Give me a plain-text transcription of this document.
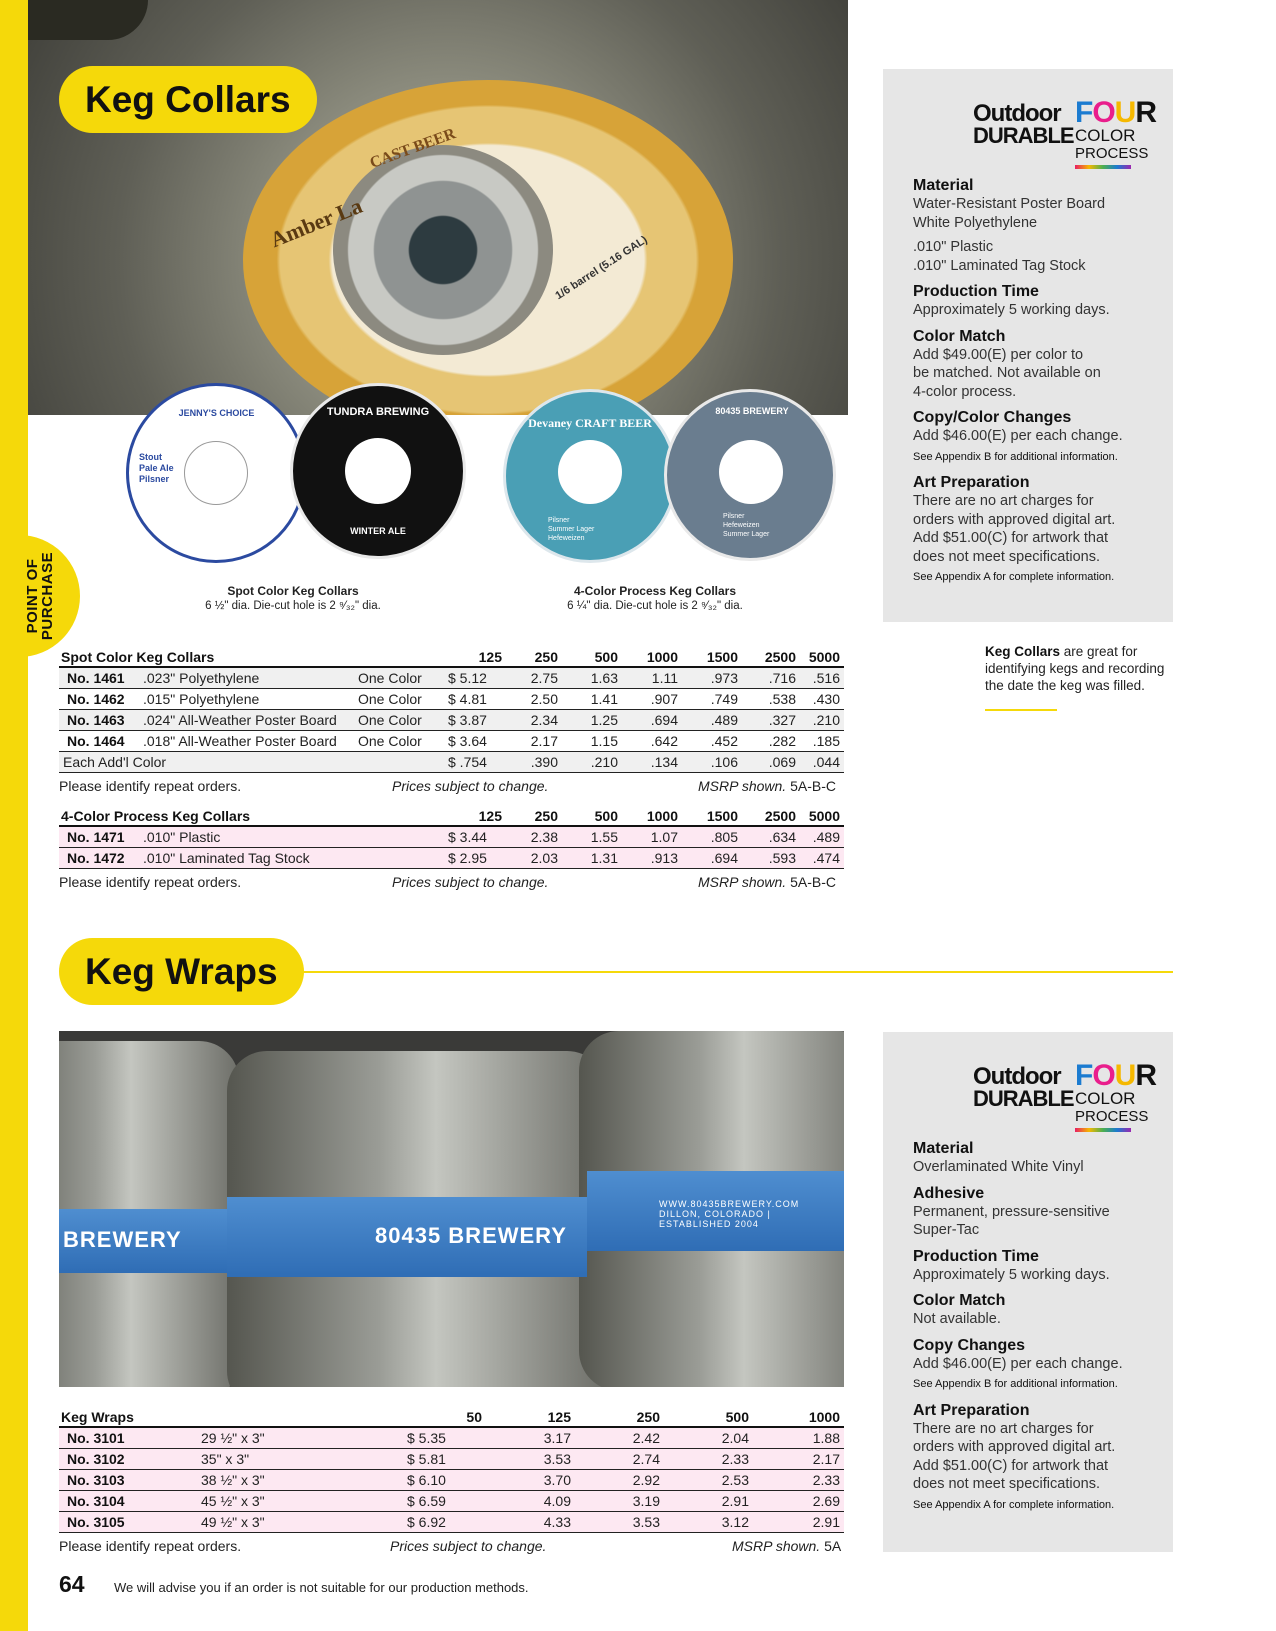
POINT OF
PURCHASE
CAST BEER
Amber La
1/6 barrel (5.16 GAL)
Keg Collars
JENNY'S CHOICE
Stout
Pale Ale
Pilsner
TUNDRA BREWING
WINTER ALE
Devaney CRAFT BEER
Pilsner
Summer Lager
Hefeweizen
80435 BREWERY
Pilsner
Hefeweizen
Summer Lager
Spot Color Keg Collars
6 ½" dia. Die-cut hole is 2 ⁹⁄₃₂" dia.
4-Color Process Keg Collars
6 ¼" dia. Die-cut hole is 2 ⁹⁄₃₂" dia.
Outdoor
DURABLE
FOUR
COLOR
PROCESS
Material

Water-Resistant Poster Board

White Polyethylene

.010" Plastic

.010" Laminated Tag Stock

Production Time

Approximately 5 working days.

Color Match

Add $49.00(E) per color to

be matched. Not available on

4-color process.

Copy/Color Changes

Add $46.00(E) per each change.

See Appendix B for additional information.

Art Preparation

There are no art charges for

orders with approved digital art.

Add $51.00(C) for artwork that

does not meet specifications.

See Appendix A for complete information.

Keg Collars are great for identifying kegs and recording the date the keg was filled.
Spot Color Keg Collars			125	250	500	1000	1500	2500	5000
No. 1461	.023" Polyethylene	One Color	$ 5.12	2.75	1.63	1.11	.973	.716	.516
No. 1462	.015" Polyethylene	One Color	$ 4.81	2.50	1.41	.907	.749	.538	.430
No. 1463	.024" All-Weather Poster Board	One Color	$ 3.87	2.34	1.25	.694	.489	.327	.210
No. 1464	.018" All-Weather Poster Board	One Color	$ 3.64	2.17	1.15	.642	.452	.282	.185
Each Add'l Color			$ .754	.390	.210	.134	.106	.069	.044
Please identify repeat orders.	Prices subject to change.	MSRP shown. 5A-B-C
4-Color Process Keg Collars		125	250	500	1000	1500	2500	5000
No. 1471	.010" Plastic	$ 3.44	2.38	1.55	1.07	.805	.634	.489
No. 1472	.010" Laminated Tag Stock	$ 2.95	2.03	1.31	.913	.694	.593	.474
Please identify repeat orders.	Prices subject to change.	MSRP shown. 5A-B-C
Keg Wraps
BREWERY	80435 BREWERY
WWW.80435BREWERY.COM DILLON, COLORADO | ESTABLISHED 2004
Outdoor
DURABLE
FOUR
COLOR
PROCESS
Material

Overlaminated White Vinyl

Adhesive

Permanent, pressure-sensitive

Super-Tac

Production Time

Approximately 5 working days.

Color Match

Not available.

Copy Changes

Add $46.00(E) per each change.

See Appendix B for additional information.

Art Preparation

There are no art charges for

orders with approved digital art.

Add $51.00(C) for artwork that

does not meet specifications.

See Appendix A for complete information.

Keg Wraps		50	125	250	500	1000
No. 3101	29 ½" x 3"	$ 5.35	3.17	2.42	2.04	1.88
No. 3102	35" x 3"	$ 5.81	3.53	2.74	2.33	2.17
No. 3103	38 ½" x 3"	$ 6.10	3.70	2.92	2.53	2.33
No. 3104	45 ½" x 3"	$ 6.59	4.09	3.19	2.91	2.69
No. 3105	49 ½" x 3"	$ 6.92	4.33	3.53	3.12	2.91
Please identify repeat orders.	Prices subject to change.	MSRP shown. 5A
64 We will advise you if an order is not suitable for our production methods.
